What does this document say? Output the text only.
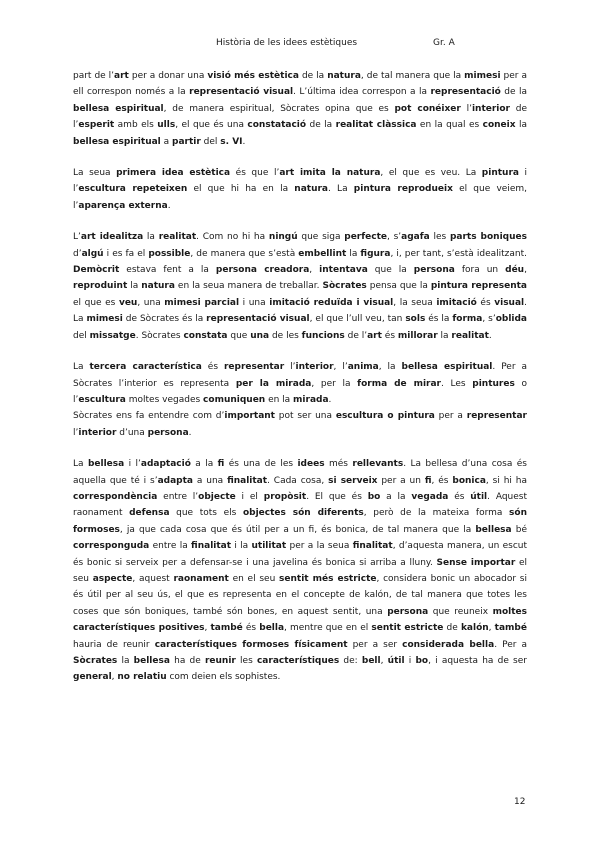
Història de les idees estètiques	Gr. A

part de l’art per a donar una visió més estètica de la natura, de tal manera que la mimesi per a ell correspon només a la representació visual. L’última idea correspon a la representació de la bellesa espiritual, de manera espiritual, Sòcrates opina que es pot conéixer l’interior de l’esperit amb els ulls, el que és una constatació de la realitat clàssica en la qual es coneix la bellesa espiritual a partir del s. VI.

La seua primera idea estètica és que l’art imita la natura, el que es veu. La pintura i l’escultura repeteixen el que hi ha en la natura. La pintura reprodueix el que veiem, l’aparença externa.

L’art idealitza la realitat. Com no hi ha ningú que siga perfecte, s’agafa les parts boniques d’algú i es fa el possible, de manera que s’està embellint la figura, i, per tant, s’està idealitzant. Demòcrit estava fent a la persona creadora, intentava que la persona fora un déu, reproduint la natura en la seua manera de treballar. Sòcrates pensa que la pintura representa el que es veu, una mimesi parcial i una imitació reduïda i visual, la seua imitació és visual. La mimesi de Sòcrates és la representació visual, el que l’ull veu, tan sols és la forma, s’oblida del missatge. Sòcrates constata que una de les funcions de l’art és millorar la realitat.

La tercera característica és representar l’interior, l’anima, la bellesa espiritual. Per a Sòcrates l’interior es representa per la mirada, per la forma de mirar. Les pintures o l’escultura moltes vegades comuniquen en la mirada.
Sòcrates ens fa entendre com d’important pot ser una escultura o pintura per a representar l’interior d’una persona.

La bellesa i l’adaptació a la fi és una de les idees més rellevants. La bellesa d’una cosa és aquella que té i s’adapta a una finalitat. Cada cosa, si serveix per a un fi, és bonica, si hi ha correspondència entre l’objecte i el propòsit. El que és bo a la vegada és útil. Aquest raonament defensa que tots els objectes són diferents, però de la mateixa forma són formoses, ja que cada cosa que és útil per a un fi, és bonica, de tal manera que la bellesa bé corresponguda entre la finalitat i la utilitat per a la seua finalitat, d’aquesta manera, un escut és bonic si serveix per a defensar-se i una javelina és bonica si arriba a lluny. Sense importar el seu aspecte, aquest raonament en el seu sentit més estricte, considera bonic un abocador si és útil per al seu ús, el que es representa en el concepte de kalón, de tal manera que totes les coses que són boniques, també són bones, en aquest sentit, una persona que reuneix moltes característiques positives, també és bella, mentre que en el sentit estricte de kalón, també hauria de reunir característiques formoses físicament per a ser considerada bella. Per a Sòcrates la bellesa ha de reunir les característiques de: bell, útil i bo, i aquesta ha de ser general, no relatiu com deien els sophistes.

12
